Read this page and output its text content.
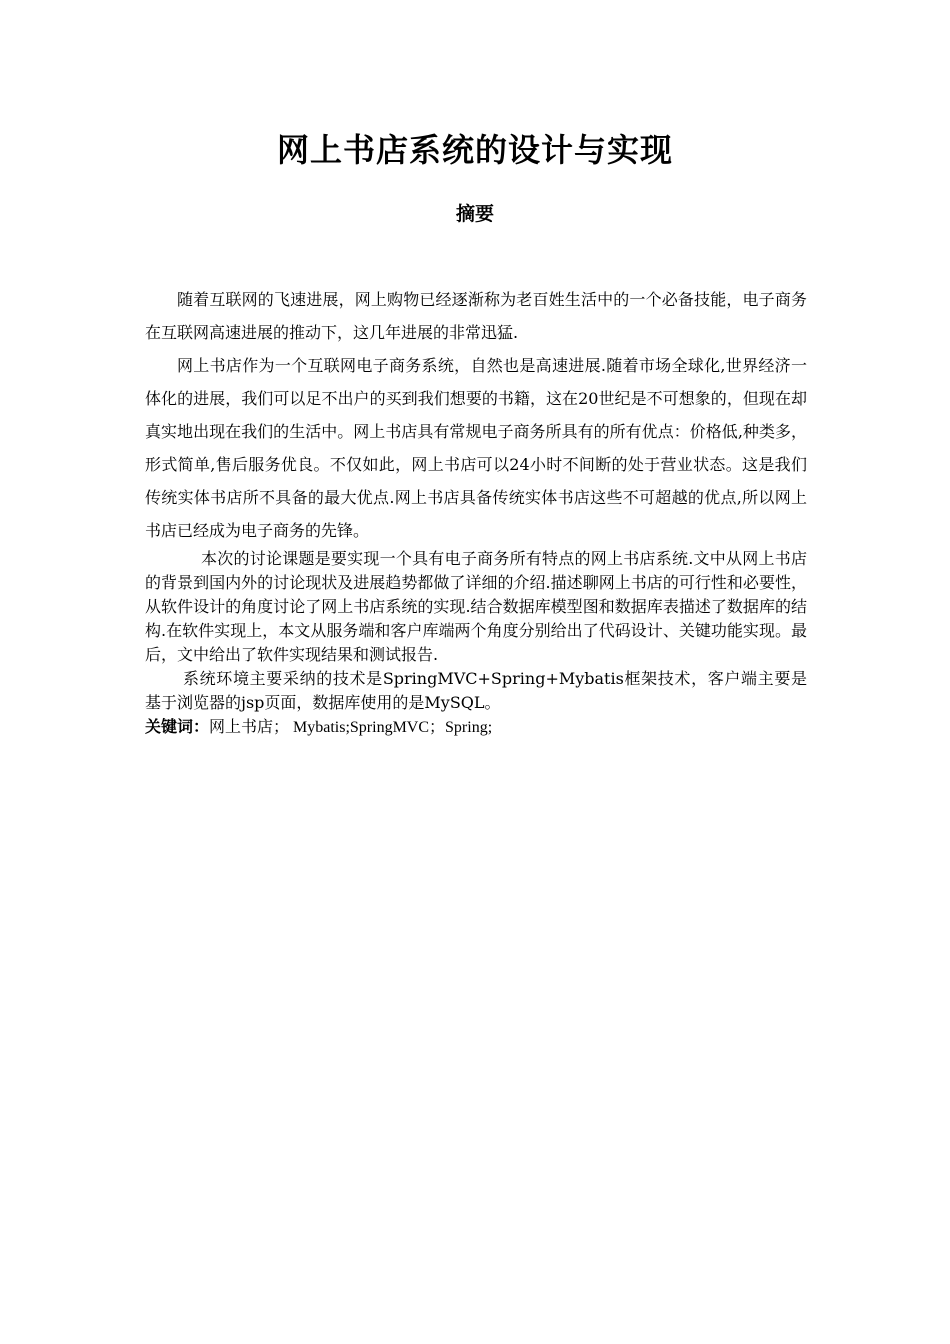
网上书店系统的设计与实现
摘要

随着互联网的飞速进展，网上购物已经逐渐称为老百姓生活中的一个必备技能，电子商务在互联网高速进展的推动下，这几年进展的非常迅猛.

网上书店作为一个互联网电子商务系统，自然也是高速进展.随着市场全球化,世界经济一体化的进展，我们可以足不出户的买到我们想要的书籍，这在20世纪是不可想象的，但现在却真实地出现在我们的生活中。网上书店具有常规电子商务所具有的所有优点：价格低,种类多，形式简单,售后服务优良。不仅如此，网上书店可以24小时不间断的处于营业状态。这是我们传统实体书店所不具备的最大优点.网上书店具备传统实体书店这些不可超越的优点,所以网上书店已经成为电子商务的先锋。

本次的讨论课题是要实现一个具有电子商务所有特点的网上书店系统.文中从网上书店的背景到国内外的讨论现状及进展趋势都做了详细的介绍.描述聊网上书店的可行性和必要性，从软件设计的角度讨论了网上书店系统的实现.结合数据库模型图和数据库表描述了数据库的结构.在软件实现上，本文从服务端和客户库端两个角度分别给出了代码设计、关键功能实现。最后，文中给出了软件实现结果和测试报告.

系统环境主要采纳的技术是SpringMVC+Spring+Mybatis框架技术，客户端主要是基于浏览器的jsp页面，数据库使用的是MySQL。

关键词：网上书店； Mybatis;SpringMVC；Spring;
